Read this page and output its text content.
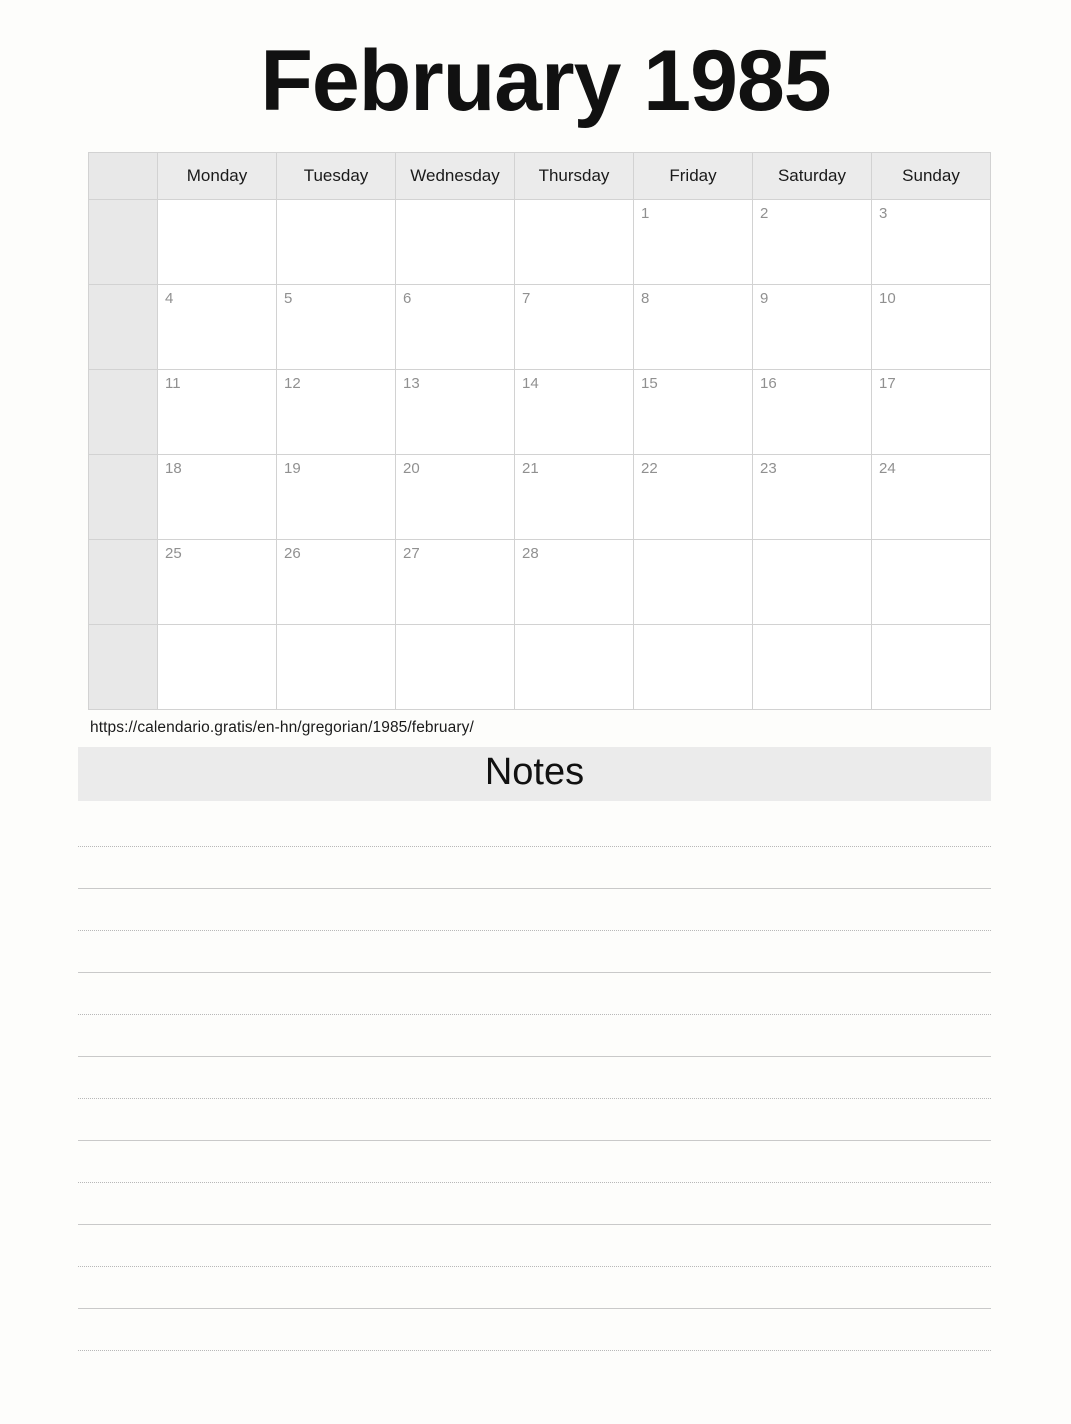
February 1985
	Monday	Tuesday	Wednesday	Thursday	Friday	Saturday	Sunday

					1	2	3

	4	5	6	7	8	9	10

	11	12	13	14	15	16	17

	18	19	20	21	22	23	24

	25	26	27	28			

https://calendario.gratis/en-hn/gregorian/1985/february/
Notes
